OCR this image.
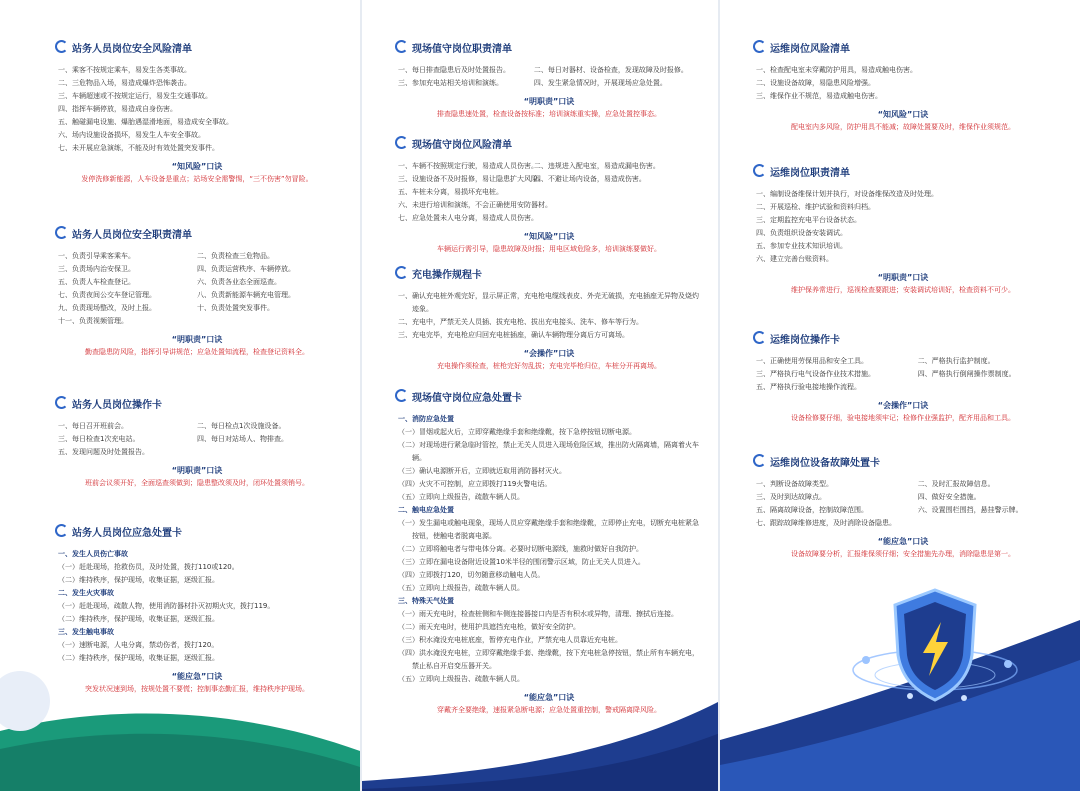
站务人员岗位安全风险清单
一、乘客不按规定乘车，易发生各类事故。
二、三危物品入场，易造成爆炸恐怖袭击。
三、车辆超速或不按规定运行，易发生交通事故。
四、指挥车辆停放，易造成自身伤害。
五、触碰漏电设施、爆胎遇湿滑地面，易造成安全事故。
六、场内设施设备损坏，易发生人车安全事故。
七、未开展应急演练，不能及时有效处置突发事件。
“知风险”口诀
发停洗修新能源，人车设备是重点；站场安全需警惕，“三不伤害”勿冒险。
站务人员岗位安全职责清单
一、负责引导乘客乘车。	二、负责检查三危物品。
三、负责场内治安保卫。	四、负责运营秩序、车辆停放。
五、负责人车检查登记。	六、负责各业态全面巡查。
七、负责夜间公交车登记管理。	八、负责新能源车辆充电管理。
九、负责现场整改，及时上报。	十、负责处置突发事件。
十一、负责视频管理。
“明职责”口诀
勤查隐患防风险，指挥引导讲规范；应急处置知流程，检查登记资料全。
站务人员岗位操作卡
一、每日召开班前会。	二、每日检点1次设施设备。
三、每日检查1次充电站。	四、每日对站场人、物排查。
五、发现问题及时处置报告。
“明职责”口诀
班前会议须开好，全面巡查须做到；隐患整改须及时，闭环处置须销号。
站务人员岗位应急处置卡
一、发生人员伤亡事故
（一）赶赴现场，抢救伤员，及时处置，拨打110或120。
（二）维持秩序，保护现场，收集证据，逐级汇报。
二、发生火灾事故
（一）赶赴现场，疏散人物，使用消防器材扑灭初期火灾，拨打119。
（二）维持秩序，保护现场，收集证据，逐级汇报。
三、发生触电事故
（一）速断电源，人电分离，禁动伤者，拨打120。
（二）维持秩序，保护现场，收集证据，逐级汇报。
“能应急”口诀
突发状况速到场，按规处置不要慌；控制事态勤汇报，维持秩序护现场。
现场值守岗位职责清单
一、每日排查隐患后及时处置报告。	二、每日对器材、设备检查，发现故障及时报修。
三、参加充电站相关培训和演练。	四、发生紧急情况时，开展现场应急处置。
“明职责”口诀
排查隐患速处置，检查设备按标准；培训演练重实操，应急处置控事态。
现场值守岗位风险清单
一、车辆不按照规定行驶，易造成人员伤害。
二、违规进入配电室，易造成漏电伤害。
三、设施设备不及时报修，易让隐患扩大风险。
四、不避让场内设备，易造成伤害。
五、车桩未分离，易损坏充电桩。
六、未进行培训和演练，不会正确使用安防器材。
七、应急处置未人电分离，易造成人员伤害。
“知风险”口诀
车辆运行需引导，隐患故障及时报；用电区域危险多，培训演练要做好。
充电操作规程卡
一、确认充电桩外观完好，显示屏正常，充电枪电缆线表皮、外壳无破损，充电插座无异物及烧灼迹象。
二、充电中，严禁无关人员插、拔充电枪、拔出充电接头、洗车、修车等行为。
三、充电完毕，充电枪应归回充电桩插座，确认车辆物理分离后方可离场。
“会操作”口诀
充电操作须检查，桩枪完好勿乱拔；充电完毕枪归位，车桩分开再离场。
现场值守岗位应急处置卡
一、消防应急处置
（一）冒烟或起火后，立即穿戴绝缘手套和绝缘靴，按下急停按钮切断电源。
（二）对现场进行紧急临时管控，禁止无关人员进入现场危险区域，推出防火隔离墙，隔离着火车辆。
（三）确认电源断开后，立即就近取用消防器材灭火。
（四）火灾不可控制，应立即拨打119火警电话。
（五）立即向上级报告，疏散车辆人员。
二、触电应急处置
（一）发生漏电或触电现象，现场人员应穿戴绝缘手套和绝缘靴，立即停止充电，切断充电桩紧急按钮，使触电者脱离电源。
（二）立即将触电者与带电体分离。必要时切断电源线，施救时做好自我防护。
（三）立即在漏电设备附近设置10米半径的围闭警示区域，防止无关人员进入。
（四）立即拨打120，切勿随意移动触电人员。
（五）立即向上级报告，疏散车辆人员。
三、特殊天气处置
（一）雨天充电时，检查桩侧和车侧连接器接口内是否有积水或异物，清理、擦拭后连接。
（二）雨天充电时，使用护具遮挡充电枪，做好安全防护。
（三）积水淹没充电桩底座，暂停充电作业，严禁充电人员靠近充电桩。
（四）洪水淹没充电桩，立即穿戴绝缘手套、绝缘靴，按下充电桩急停按钮，禁止所有车辆充电，禁止私自开启变压器开关。
（五）立即向上级报告、疏散车辆人员。
“能应急”口诀
穿戴齐全要绝缘，速报紧急断电源；应急处置重控制，警戒隔离降风险。
运维岗位风险清单
一、检查配电室未穿戴防护用具，易造成触电伤害。
二、设施设备故障，易隐患风险增强。
三、维保作业不规范，易造成触电伤害。
“知风险”口诀
配电室内多风险，防护用具不能减；故障处置要及时，维保作业须规范。
运维岗位职责清单
一、编制设备维保计划并执行，对设备维保改造及时处理。
二、开展巡检、维护试验和资料归档。
三、定期监控充电平台设备状态。
四、负责组织设备安装调试。
五、参加专业技术知识培训。
六、建立完善台账资料。
“明职责”口诀
维护保养常进行，巡视检查要跟进；安装调试培训好，检查资料不可少。
运维岗位操作卡
一、正确使用劳保用品和安全工具。	二、严格执行监护制度。
三、严格执行电气设备作业技术措施。	四、严格执行倒闸操作票制度。
五、严格执行验电接地操作流程。
“会操作”口诀
设备检修要仔细，验电接地须牢记；检修作业强监护，配齐用品和工具。
运维岗位设备故障处置卡
一、判断设备故障类型。	二、及时汇报故障信息。
三、及时到达故障点。	四、做好安全措施。
五、隔离故障设备，控制故障范围。	六、设置围栏围挡，悬挂警示牌。
七、跟踪故障维修进度，及时消除设备隐患。
“能应急”口诀
设备故障要分析，汇报维保须仔细；安全措施先办理，消除隐患是第一。
